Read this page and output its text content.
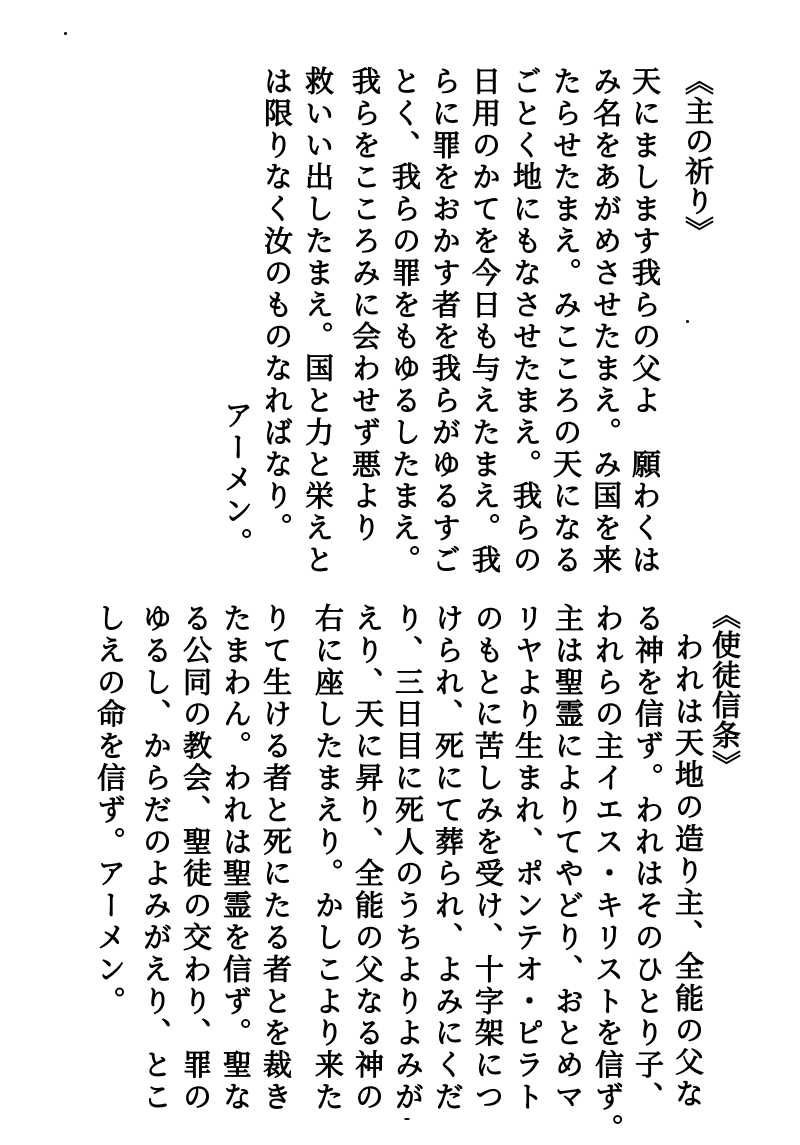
《主の祈り》
天にまします我らの父よ　願わくは
み名をあがめさせたまえ。み国を来
たらせたまえ。みこころの天になる
ごとく地にもなさせたまえ。我らの
日用のかてを今日も与えたまえ。我
らに罪をおかす者を我らがゆるすご
とく、我らの罪をもゆるしたまえ。
我らをこころみに会わせず悪より
救いい出したまえ。国と力と栄えと
は限りなく汝のものなればなり。
アーメン。
《使徒信条》
われは天地の造り主、全能の父な
る神を信ず。われはそのひとり子、
われらの主イエス・キリストを信ず。
主は聖霊によりてやどり、おとめマ
リヤより生まれ、ポンテオ・ピラト
のもとに苦しみを受け、十字架につ
けられ、死にて葬られ、よみにくだ
り、三日目に死人のうちよりよみが
えり、天に昇り、全能の父なる神の
右に座したまえり。かしこより来た
りて生ける者と死にたる者とを裁き
たまわん。われは聖霊を信ず。聖な
る公同の教会、聖徒の交わり、罪の
ゆるし、からだのよみがえり、とこ
しえの命を信ず。アーメン。
